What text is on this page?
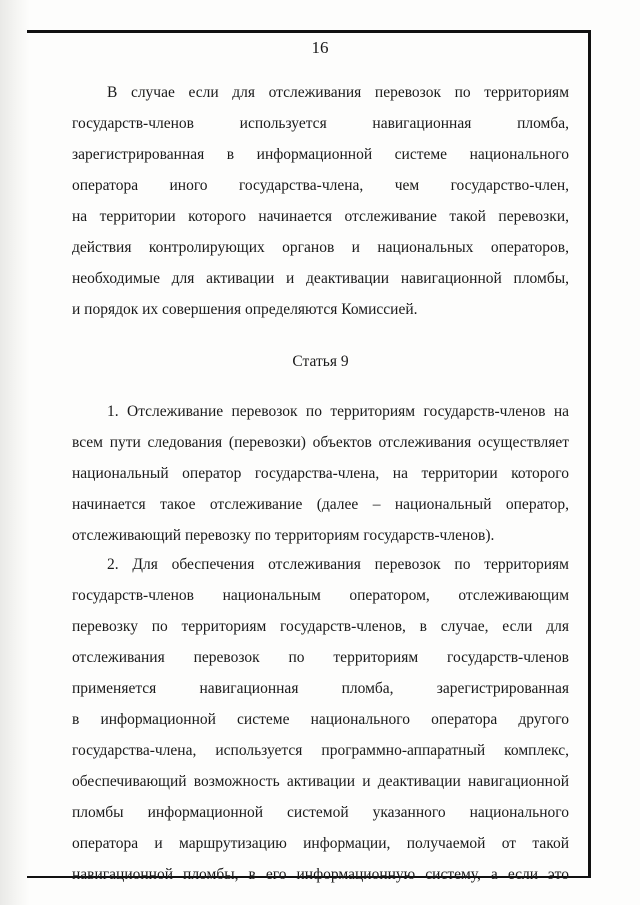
16
В случае если для отслеживания перевозок по территориям
государств-членов используется навигационная пломба,
зарегистрированная в информационной системе национального
оператора иного государства-члена, чем государство-член,
на территории которого начинается отслеживание такой перевозки,
действия контролирующих органов и национальных операторов,
необходимые для активации и деактивации навигационной пломбы,
и порядок их совершения определяются Комиссией.
Статья 9
1. Отслеживание перевозок по территориям государств-членов на
всем пути следования (перевозки) объектов отслеживания осуществляет
национальный оператор государства-члена, на территории которого
начинается такое отслеживание (далее – национальный оператор,
отслеживающий перевозку по территориям государств-членов).
2. Для обеспечения отслеживания перевозок по территориям
государств-членов национальным оператором, отслеживающим
перевозку по территориям государств-членов, в случае, если для
отслеживания перевозок по территориям государств-членов
применяется навигационная пломба, зарегистрированная
в информационной системе национального оператора другого
государства-члена, используется программно-аппаратный комплекс,
обеспечивающий возможность активации и деактивации навигационной
пломбы информационной системой указанного национального
оператора и маршрутизацию информации, получаемой от такой
навигационной пломбы, в его информационную систему, а если это
